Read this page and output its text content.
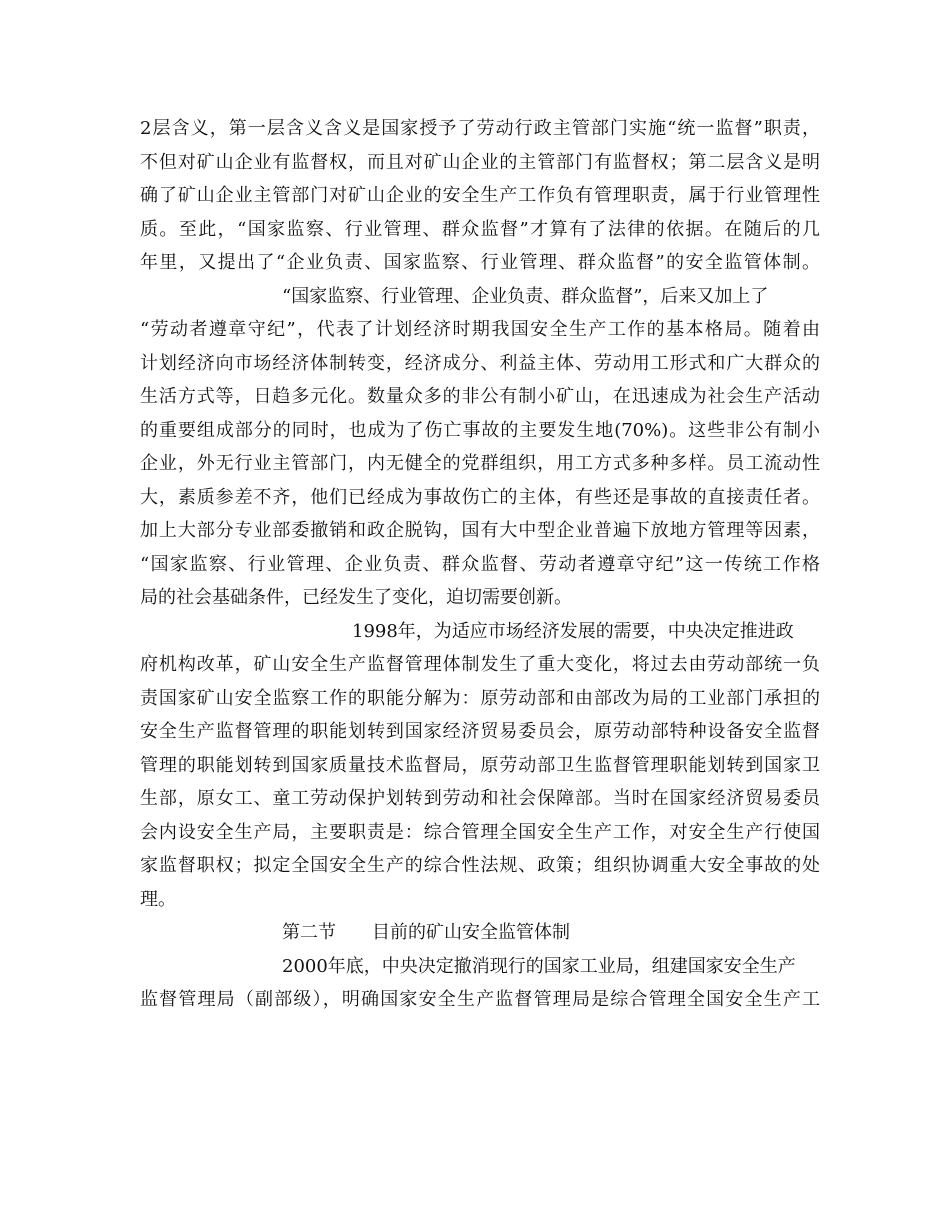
2层含义，第一层含义含义是国家授予了劳动行政主管部门实施“统一监督”职责，
不但对矿山企业有监督权，而且对矿山企业的主管部门有监督权；第二层含义是明
确了矿山企业主管部门对矿山企业的安全生产工作负有管理职责，属于行业管理性
质。至此，“国家监察、行业管理、群众监督”才算有了法律的依据。在随后的几
年里，又提出了“企业负责、国家监察、行业管理、群众监督”的安全监管体制。
“国家监察、行业管理、企业负责、群众监督”，后来又加上了
“劳动者遵章守纪”，代表了计划经济时期我国安全生产工作的基本格局。随着由
计划经济向市场经济体制转变，经济成分、利益主体、劳动用工形式和广大群众的
生活方式等，日趋多元化。数量众多的非公有制小矿山，在迅速成为社会生产活动
的重要组成部分的同时，也成为了伤亡事故的主要发生地(70%)。这些非公有制小
企业，外无行业主管部门，内无健全的党群组织，用工方式多种多样。员工流动性
大，素质参差不齐，他们已经成为事故伤亡的主体，有些还是事故的直接责任者。
加上大部分专业部委撤销和政企脱钩，国有大中型企业普遍下放地方管理等因素，
“国家监察、行业管理、企业负责、群众监督、劳动者遵章守纪”这一传统工作格
局的社会基础条件，已经发生了变化，迫切需要创新。
1998年，为适应市场经济发展的需要，中央决定推进政
府机构改革，矿山安全生产监督管理体制发生了重大变化，将过去由劳动部统一负
责国家矿山安全监察工作的职能分解为：原劳动部和由部改为局的工业部门承担的
安全生产监督管理的职能划转到国家经济贸易委员会，原劳动部特种设备安全监督
管理的职能划转到国家质量技术监督局，原劳动部卫生监督管理职能划转到国家卫
生部，原女工、童工劳动保护划转到劳动和社会保障部。当时在国家经济贸易委员
会内设安全生产局，主要职责是：综合管理全国安全生产工作，对安全生产行使国
家监督职权；拟定全国安全生产的综合性法规、政策；组织协调重大安全事故的处
理。
第二节　　目前的矿山安全监管体制
2000年底，中央决定撤消现行的国家工业局，组建国家安全生产
监督管理局（副部级），明确国家安全生产监督管理局是综合管理全国安全生产工
